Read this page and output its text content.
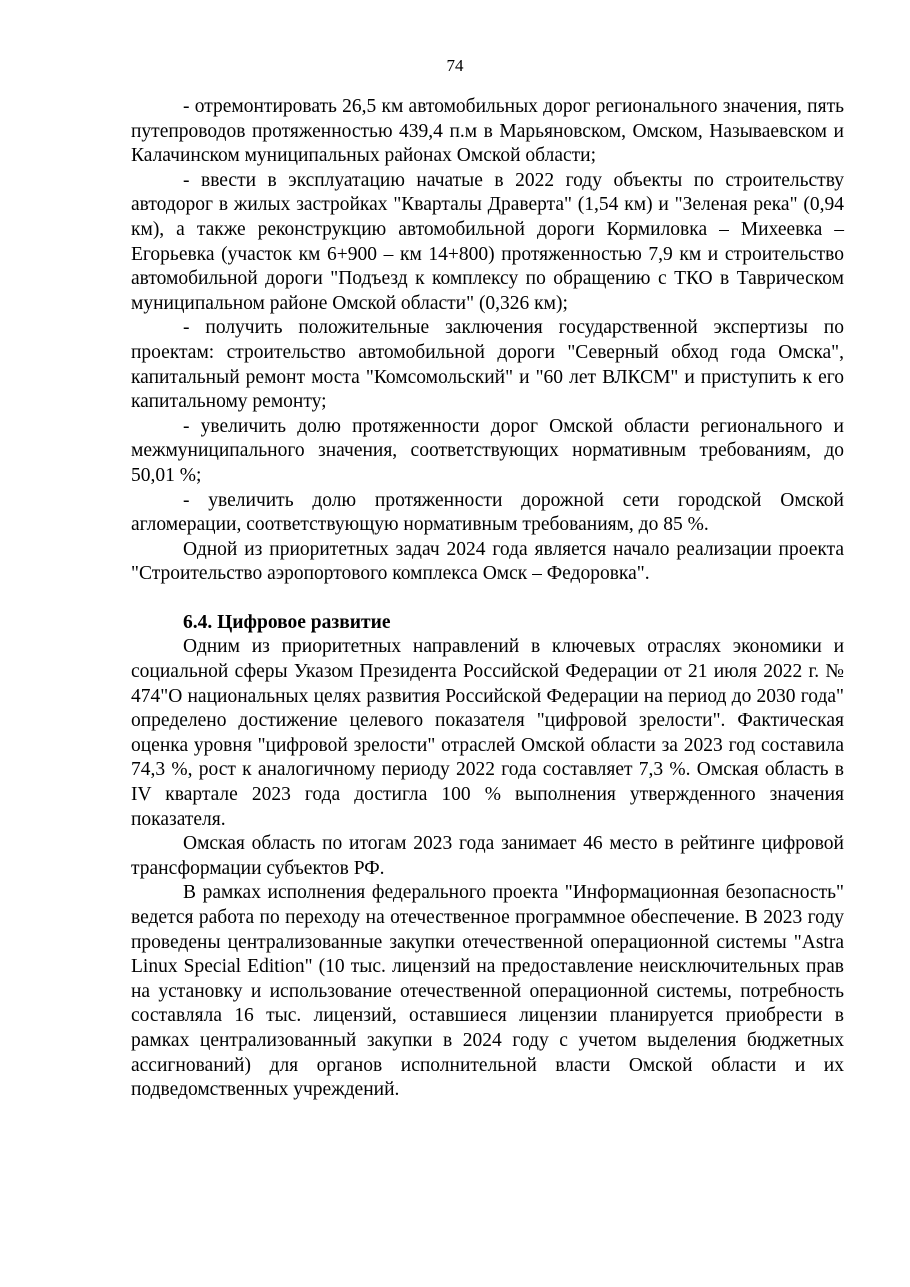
74

- отремонтировать 26,5 км автомобильных дорог регионального значения, пять путепроводов протяженностью 439,4 п.м в Марьяновском, Омском, Называевском и Калачинском муниципальных районах Омской области;

- ввести в эксплуатацию начатые в 2022 году объекты по строительству автодорог в жилых застройках "Кварталы Драверта" (1,54 км) и "Зеленая река" (0,94 км), а также реконструкцию автомобильной дороги Кормиловка – Михеевка – Егорьевка (участок км 6+900 – км 14+800) протяженностью 7,9 км и строительство автомобильной дороги "Подъезд к комплексу по обращению с ТКО в Таврическом муниципальном районе Омской области" (0,326 км);

- получить положительные заключения государственной экспертизы по проектам: строительство автомобильной дороги "Северный обход года Омска", капитальный ремонт моста "Комсомольский" и "60 лет ВЛКСМ" и приступить к его капитальному ремонту;

- увеличить долю протяженности дорог Омской области регионального и межмуниципального значения, соответствующих нормативным требованиям, до 50,01 %;

- увеличить долю протяженности дорожной сети городской Омской агломерации, соответствующую нормативным требованиям, до 85 %.

Одной из приоритетных задач 2024 года является начало реализации проекта "Строительство аэропортового комплекса Омск – Федоровка".

6.4. Цифровое развитие

Одним из приоритетных направлений в ключевых отраслях экономики и социальной сферы Указом Президента Российской Федерации от 21 июля 2022 г. № 474"О национальных целях развития Российской Федерации на период до 2030 года" определено достижение целевого показателя "цифровой зрелости". Фактическая оценка уровня "цифровой зрелости" отраслей Омской области за 2023 год составила 74,3 %, рост к аналогичному периоду 2022 года составляет 7,3 %. Омская область в IV квартале 2023 года достигла 100 % выполнения утвержденного значения показателя.

Омская область по итогам 2023 года занимает 46 место в рейтинге цифровой трансформации субъектов РФ.

В рамках исполнения федерального проекта "Информационная безопасность" ведется работа по переходу на отечественное программное обеспечение. В 2023 году проведены централизованные закупки отечественной операционной системы "Astra Linux Special Edition" (10 тыс. лицензий на предоставление неисключительных прав на установку и использование отечественной операционной системы, потребность составляла 16 тыс. лицензий, оставшиеся лицензии планируется приобрести в рамках централизованный закупки в 2024 году с учетом выделения бюджетных ассигнований) для органов исполнительной власти Омской области и их подведомственных учреждений.
